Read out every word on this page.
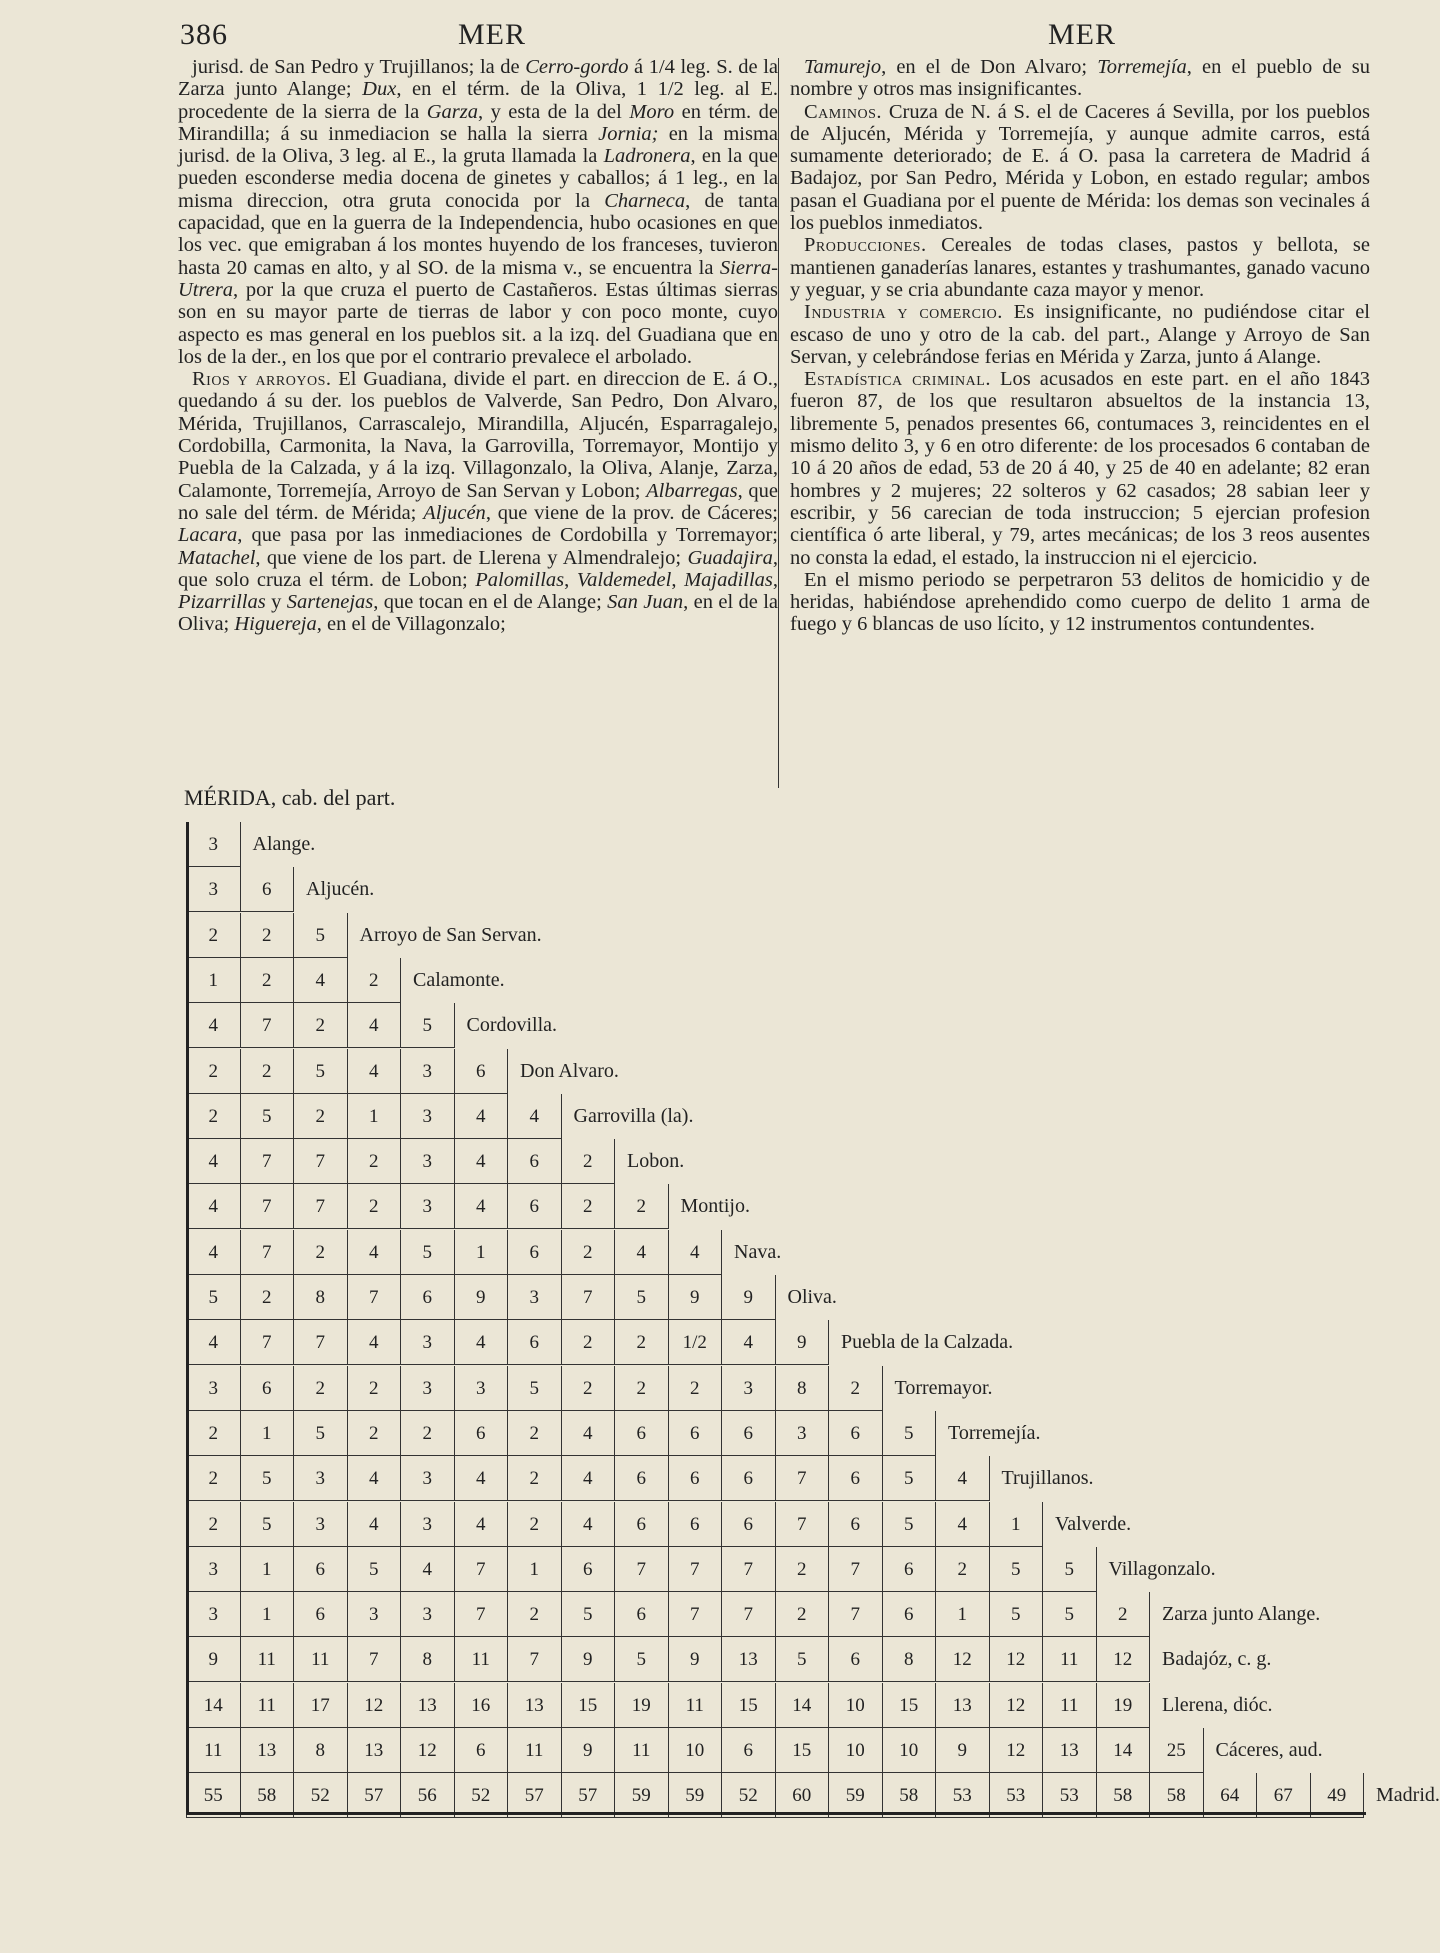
386	MER	MER

jurisd. de San Pedro y Trujillanos; la de Cerro-gordo á 1/4 leg. S. de la Zarza junto Alange; Dux, en el térm. de la Oliva, 1 1/2 leg. al E. procedente de la sierra de la Garza, y esta de la del Moro en térm. de Mirandilla; á su inmediacion se halla la sierra Jornia; en la misma jurisd. de la Oliva, 3 leg. al E., la gruta llamada la Ladronera, en la que pueden esconderse media docena de ginetes y caballos; á 1 leg., en la misma direccion, otra gruta conocida por la Charneca, de tanta capacidad, que en la guerra de la Independencia, hubo ocasiones en que los vec. que emigraban á los montes huyendo de los franceses, tuvieron hasta 20 camas en alto, y al SO. de la misma v., se encuentra la Sierra-Utrera, por la que cruza el puerto de Castañeros. Estas últimas sierras son en su mayor parte de tierras de labor y con poco monte, cuyo aspecto es mas general en los pueblos sit. a la izq. del Guadiana que en los de la der., en los que por el contrario prevalece el arbolado.

Rios y arroyos. El Guadiana, divide el part. en direccion de E. á O., quedando á su der. los pueblos de Valverde, San Pedro, Don Alvaro, Mérida, Trujillanos, Carrascalejo, Mirandilla, Aljucén, Esparragalejo, Cordobilla, Carmonita, la Nava, la Garrovilla, Torremayor, Montijo y Puebla de la Calzada, y á la izq. Villagonzalo, la Oliva, Alanje, Zarza, Calamonte, Torremejía, Arroyo de San Servan y Lobon; Albarregas, que no sale del térm. de Mérida; Aljucén, que viene de la prov. de Cáceres; Lacara, que pasa por las inmediaciones de Cordobilla y Torremayor; Matachel, que viene de los part. de Llerena y Almendralejo; Guadajira, que solo cruza el térm. de Lobon; Palomillas, Valdemedel, Majadillas, Pizarrillas y Sartenejas, que tocan en el de Alange; San Juan, en el de la Oliva; Higuereja, en el de Villagonzalo;

Tamurejo, en el de Don Alvaro; Torremejía, en el pueblo de su nombre y otros mas insignificantes.

Caminos. Cruza de N. á S. el de Caceres á Sevilla, por los pueblos de Aljucén, Mérida y Torremejía, y aunque admite carros, está sumamente deteriorado; de E. á O. pasa la carretera de Madrid á Badajoz, por San Pedro, Mérida y Lobon, en estado regular; ambos pasan el Guadiana por el puente de Mérida: los demas son vecinales á los pueblos inmediatos.

Producciones. Cereales de todas clases, pastos y bellota, se mantienen ganaderías lanares, estantes y trashumantes, ganado vacuno y yeguar, y se cria abundante caza mayor y menor.

Industria y comercio. Es insignificante, no pudiéndose citar el escaso de uno y otro de la cab. del part., Alange y Arroyo de San Servan, y celebrándose ferias en Mérida y Zarza, junto á Alange.

Estadística criminal. Los acusados en este part. en el año 1843 fueron 87, de los que resultaron absueltos de la instancia 13, libremente 5, penados presentes 66, contumaces 3, reincidentes en el mismo delito 3, y 6 en otro diferente: de los procesados 6 contaban de 10 á 20 años de edad, 53 de 20 á 40, y 25 de 40 en adelante; 82 eran hombres y 2 mujeres; 22 solteros y 62 casados; 28 sabian leer y escribir, y 56 carecian de toda instruccion; 5 ejercian profesion científica ó arte liberal, y 79, artes mecánicas; de los 3 reos ausentes no consta la edad, el estado, la instruccion ni el ejercicio.

En el mismo periodo se perpetraron 53 delitos de homicidio y de heridas, habiéndose aprehendido como cuerpo de delito 1 arma de fuego y 6 blancas de uso lícito, y 12 instrumentos contundentes.

MÉRIDA, cab. del part.
3	Alange.
3	6	Aljucén.
2	2	5	Arroyo de San Servan.
1	2	4	2	Calamonte.
4	7	2	4	5	Cordovilla.
2	2	5	4	3	6	Don Alvaro.
2	5	2	1	3	4	4	Garrovilla (la).
4	7	7	2	3	4	6	2	Lobon.
4	7	7	2	3	4	6	2	2	Montijo.
4	7	2	4	5	1	6	2	4	4	Nava.
5	2	8	7	6	9	3	7	5	9	9	Oliva.
4	7	7	4	3	4	6	2	2	1/2	4	9	Puebla de la Calzada.
3	6	2	2	3	3	5	2	2	2	3	8	2	Torremayor.
2	1	5	2	2	6	2	4	6	6	6	3	6	5	Torremejía.
2	5	3	4	3	4	2	4	6	6	6	7	6	5	4	Trujillanos.
2	5	3	4	3	4	2	4	6	6	6	7	6	5	4	1	Valverde.
3	1	6	5	4	7	1	6	7	7	7	2	7	6	2	5	5	Villagonzalo.
3	1	6	3	3	7	2	5	6	7	7	2	7	6	1	5	5	2	Zarza junto Alange.
9	11	11	7	8	11	7	9	5	9	13	5	6	8	12	12	11	12	Badajóz, c. g.
14	11	17	12	13	16	13	15	19	11	15	14	10	15	13	12	11	19	Llerena, dióc.
11	13	8	13	12	6	11	9	11	10	6	15	10	10	9	12	13	14	25	Cáceres, aud.
55	58	52	57	56	52	57	57	59	59	52	60	59	58	53	53	53	58	58	64	67	49	Madrid.
